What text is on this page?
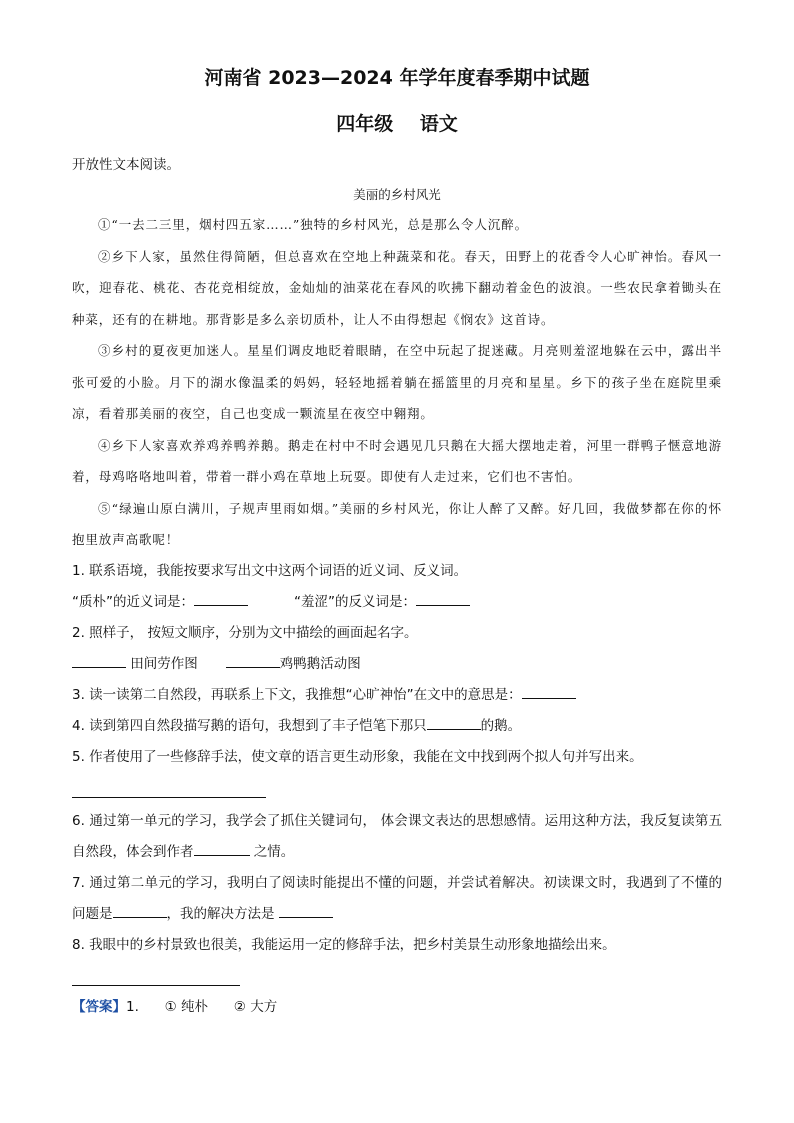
河南省 2023—2024 年学年度春季期中试题
四年级    语文
开放性文本阅读。
美丽的乡村风光

①“一去二三里，烟村四五家……”独特的乡村风光，总是那么令人沉醉。

②乡下人家，虽然住得简陋，但总喜欢在空地上种蔬菜和花。春天，田野上的花香令人心旷神怡。春风一吹，迎春花、桃花、杏花竞相绽放，金灿灿的油菜花在春风的吹拂下翻动着金色的波浪。一些农民拿着锄头在种菜，还有的在耕地。那背影是多么亲切质朴，让人不由得想起《悯农》这首诗。

③乡村的夏夜更加迷人。星星们调皮地眨着眼睛，在空中玩起了捉迷藏。月亮则羞涩地躲在云中，露出半张可爱的小脸。月下的湖水像温柔的妈妈，轻轻地摇着躺在摇篮里的月亮和星星。乡下的孩子坐在庭院里乘凉，看着那美丽的夜空，自己也变成一颗流星在夜空中翱翔。

④乡下人家喜欢养鸡养鸭养鹅。鹅走在村中不时会遇见几只鹅在大摇大摆地走着，河里一群鸭子惬意地游着，母鸡咯咯地叫着，带着一群小鸡在草地上玩耍。即使有人走过来，它们也不害怕。

⑤“绿遍山原白满川，子规声里雨如烟。”美丽的乡村风光，你让人醉了又醉。好几回，我做梦都在你的怀抱里放声高歌呢！

1. 联系语境，我能按要求写出文中这两个词语的近义词、反义词。

“质朴”的近义词是：	“羞涩”的反义词是：

2. 照样子， 按短文顺序，分别为文中描绘的画面起名字。

田间劳作图	鸡鸭鹅活动图
3. 读一读第二自然段，再联系上下文，我推想“心旷神怡”在文中的意思是：
4. 读到第四自然段描写鹅的语句，我想到了丰子恺笔下那只	的鹅。

5. 作者使用了一些修辞手法，使文章的语言更生动形象，我能在文中找到两个拟人句并写出来。

6. 通过第一单元的学习，我学会了抓住关键词句， 体会课文表达的思想感情。运用这种方法，我反复读第五自然段，体会到作者	之情。

7. 通过第二单元的学习，我明白了阅读时能提出不懂的问题，并尝试着解决。初读课文时，我遇到了不懂的问题是	，我的解决方法是

8. 我眼中的乡村景致也很美，我能运用一定的修辞手法，把乡村美景生动形象地描绘出来。

【答案】1. ① 纯朴 ② 大方
